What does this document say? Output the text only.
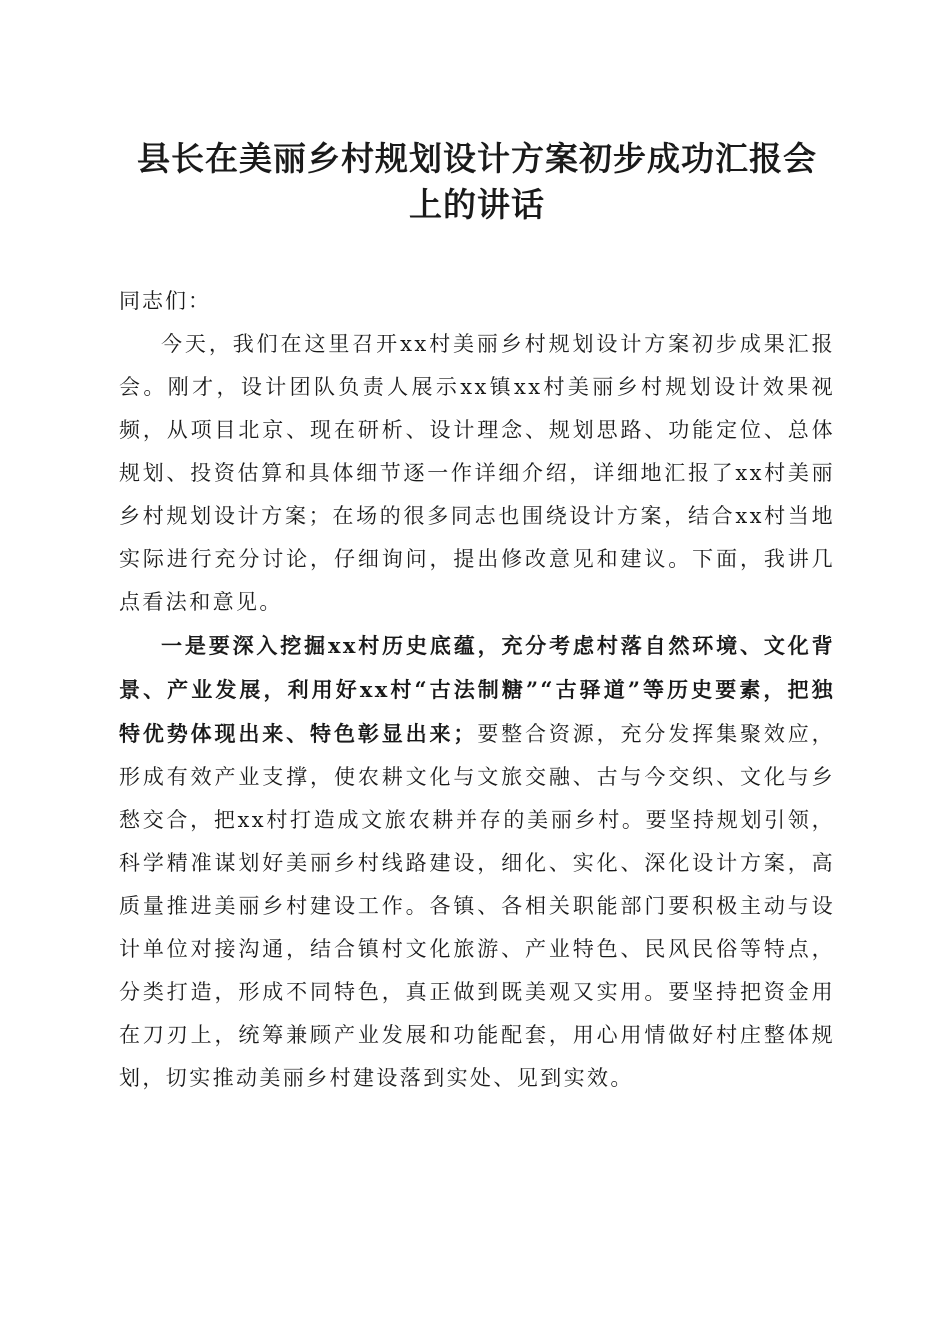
县长在美丽乡村规划设计方案初步成功汇报会
上的讲话

同志们：

今天，我们在这里召开xx村美丽乡村规划设计方案初步成果汇报会。刚才，设计团队负责人展示xx镇xx村美丽乡村规划设计效果视频，从项目北京、现在研析、设计理念、规划思路、功能定位、总体规划、投资估算和具体细节逐一作详细介绍，详细地汇报了xx村美丽乡村规划设计方案；在场的很多同志也围绕设计方案，结合xx村当地实际进行充分讨论，仔细询问，提出修改意见和建议。下面，我讲几点看法和意见。

一是要深入挖掘xx村历史底蕴，充分考虑村落自然环境、文化背景、产业发展，利用好xx村“古法制糖”“古驿道”等历史要素，把独特优势体现出来、特色彰显出来；要整合资源，充分发挥集聚效应，形成有效产业支撑，使农耕文化与文旅交融、古与今交织、文化与乡愁交合，把xx村打造成文旅农耕并存的美丽乡村。要坚持规划引领，科学精准谋划好美丽乡村线路建设，细化、实化、深化设计方案，高质量推进美丽乡村建设工作。各镇、各相关职能部门要积极主动与设计单位对接沟通，结合镇村文化旅游、产业特色、民风民俗等特点，分类打造，形成不同特色，真正做到既美观又实用。要坚持把资金用在刀刃上，统筹兼顾产业发展和功能配套，用心用情做好村庄整体规划，切实推动美丽乡村建设落到实处、见到实效。
